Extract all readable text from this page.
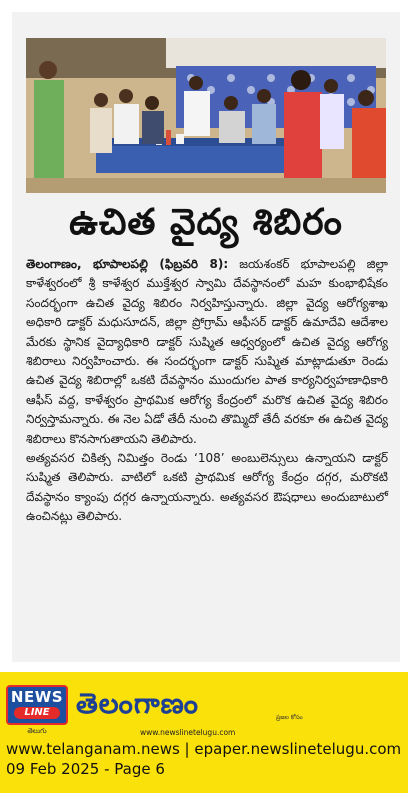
ఉచిత వైద్య శిబిరం

తెలంగాణం, భూపాలపల్లి (ఫిబ్రవరి 8): జయశంకర్ భూపాలపల్లి జిల్లా కాళేశ్వరంలో శ్రీ కాళేశ్వర ముక్తేశ్వర స్వామి దేవస్థానంలో మహ కుంభాభిషేకం సందర్భంగా ఉచిత వైద్య శిబిరం నిర్వహిస్తున్నారు. జిల్లా వైద్య ఆరోగ్యశాఖ అధికారి డాక్టర్ మధుసూదన్, జిల్లా ప్రోగ్రామ్ ఆఫీసర్ డాక్టర్ ఉమాదేవి ఆదేశాల మేరకు స్థానిక వైద్యాధికారి డాక్టర్ సుష్మిత ఆధ్వర్యంలో ఉచిత వైద్య ఆరోగ్య శిబిరాలు నిర్వహించారు. ఈ సందర్భంగా డాక్టర్ సుష్మిత మాట్లాడుతూ రెండు ఉచిత వైద్య శిబిరాల్లో ఒకటి దేవస్థానం ముందుగల పాత కార్యనిర్వహణాధికారి ఆఫీస్ వద్ద, కాళేశ్వరం ప్రాథమిక ఆరోగ్య కేంద్రంలో మరొక ఉచిత వైద్య శిబిరం నిర్వస్తామన్నారు. ఈ నెల ఏడో తేదీ నుంచి తొమ్మిదో తేదీ వరకూ ఈ ఉచిత వైద్య శిబిరాలు కొనసాగుతాయని తెలిపారు.

అత్యవసర చికిత్స నిమిత్తం రెండు ‘108’ అంబులెన్సులు ఉన్నాయని డాక్టర్ సుష్మిత తెలిపారు. వాటిలో ఒకటి ప్రాథమిక ఆరోగ్య కేంద్రం దగ్గర, మరొకటి దేవస్థానం క్యాంపు దగ్గర ఉన్నాయన్నారు. అత్యవసర ఔషధాలు అందుబాటులో ఉంచినట్లు తెలిపారు.

NEWS
LINE
తెలుగు
తెలంగాణం	ప్రజల కోసం
www.newslinetelugu.com
www.telanganam.news | epaper.newslinetelugu.com
09 Feb 2025 - Page 6
